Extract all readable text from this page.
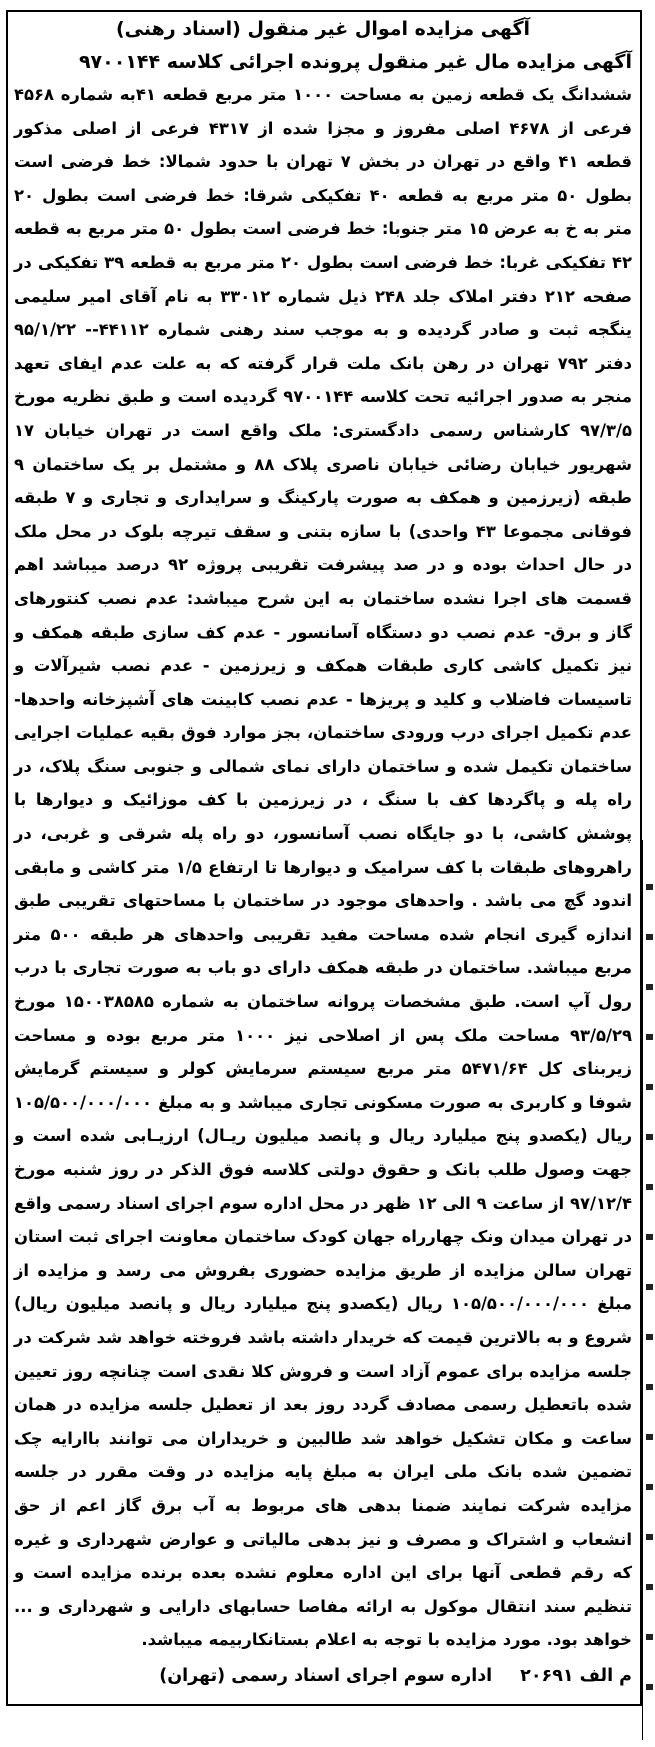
آگهی مزایده اموال غیر منقول (اسناد رهنی)

آگهی مزایده مال غیر منقول پرونده اجرائی کلاسه ۹۷۰۰۱۴۴

ششدانگ یک قطعه زمین به مساحت ۱۰۰۰ متر مربع قطعه ۴۱به شماره ۴۵۶۸ فرعی از ۴۶۷۸ اصلی مفروز و مجزا شده از ۴۳۱۷ فرعی از اصلی مذکور قطعه ۴۱ واقع در تهران در بخش ۷ تهران با حدود شمالا: خط فرضی است بطول ۵۰ متر مربع به قطعه ۴۰ تفکیکی شرقا: خط فرضی است بطول ۲۰ متر به خ به عرض ۱۵ متر جنوبا: خط فرضی است بطول ۵۰ متر مربع به قطعه ۴۲ تفکیکی غربا: خط فرضی است بطول ۲۰ متر مربع به قطعه ۳۹ تفکیکی در صفحه ۲۱۲ دفتر املاک جلد ۲۴۸ ذیل شماره ۳۳۰۱۲ به نام آقای امیر سلیمی ینگجه ثبت و صادر گردیده و به موجب سند رهنی شماره ۴۴۱۱۲-- ۹۵/۱/۲۲ دفتر ۷۹۲ تهران در رهن بانک ملت قرار گرفته که به علت عدم ایفای تعهد منجر به صدور اجرائیه تحت کلاسه ۹۷۰۰۱۴۴ گردیده است و طبق نظریه مورخ ۹۷/۳/۵ کارشناس رسمی دادگستری: ملک واقع است در تهران خیابان ۱۷ شهریور خیابان رضائی خیابان ناصری پلاک ۸۸ و مشتمل بر یک ساختمان ۹ طبقه (زیرزمین و همکف به صورت پارکینگ و سرایداری و تجاری و ۷ طبقه فوقانی مجموعا ۴۳ واحدی) با سازه بتنی و سقف تیرچه بلوک در محل ملک در حال احداث بوده و در صد پیشرفت تقریبی پروژه ۹۲ درصد میباشد اهم قسمت های اجرا نشده ساختمان به این شرح میباشد: عدم نصب کنتورهای گاز و برق- عدم نصب دو دستگاه آسانسور - عدم کف سازی طبقه همکف و نیز تکمیل کاشی کاری طبقات همکف و زیرزمین - عدم نصب شیرآلات و تاسیسات فاضلاب و کلید و پریزها - عدم نصب کابینت های آشپزخانه واحدها- عدم تکمیل اجرای درب ورودی ساختمان، بجز موارد فوق بقیه عملیات اجرایی ساختمان تکیمل شده و ساختمان دارای نمای شمالی و جنوبی سنگ پلاک، در راه پله و پاگردها کف با سنگ ، در زیرزمین با کف موزائیک و دیوارها با پوشش کاشی، با دو جایگاه نصب آسانسور، دو راه پله شرقی و غربی، در راهروهای طبقات با کف سرامیک و دیوارها تا ارتفاع ۱/۵ متر کاشی و مابقی اندود گچ می باشد . واحدهای موجود در ساختمان با مساحتهای تقریبی طبق اندازه گیری انجام شده مساحت مفید تقریبی واحدهای هر طبقه ۵۰۰ متر مربع میباشد. ساختمان در طبقه همکف دارای دو باب به صورت تجاری با درب رول آپ است. طبق مشخصات پروانه ساختمان به شماره ۱۵۰۰۳۸۵۸۵ مورخ ۹۳/۵/۲۹ مساحت ملک پس از اصلاحی نیز ۱۰۰۰ متر مربع بوده و مساحت زیربنای کل ۵۴۷۱/۶۴ متر مربع سیستم سرمایش کولر و سیستم گرمایش شوفا و کاربری به صورت مسکونی تجاری میباشد و به مبلغ ۱۰۵/۵۰۰/۰۰۰/۰۰۰ ریال (یکصدو پنج میلیارد ریال و پانصد میلیون ریـال) ارزیـابی شده است و جهت وصول طلب بانک و حقوق دولتی کلاسه فوق الذکر در روز شنبه مورخ ۹۷/۱۲/۴ از ساعت ۹ الی ۱۲ ظهر در محل اداره سوم اجرای اسناد رسمی واقع در تهران میدان ونک چهارراه جهان کودک ساختمان معاونت اجرای ثبت استان تهران سالن مزایده از طریق مزایده حضوری بفروش می رسد و مزایده از مبلغ ۱۰۵/۵۰۰/۰۰۰/۰۰۰ ریال (یکصدو پنج میلیارد ریال و پانصد میلیون ریال) شروع و به بالاترین قیمت که خریدار داشته باشد فروخته خواهد شد شرکت در جلسه مزایده برای عموم آزاد است و فروش کلا نقدی است چنانچه روز تعیین شده باتعطیل رسمی مصادف گردد روز بعد از تعطیل جلسه مزایده در همان ساعت و مکان تشکیل خواهد شد طالبین و خریداران می توانند باارایه چک تضمین شده بانک ملی ایران به مبلغ پایه مزایده در وقت مقرر در جلسه مزایده شرکت نمایند ضمنا بدهی های مربوط به آب برق گاز اعم از حق انشعاب و اشتراک و مصرف و نیز بدهی مالیاتی و عوارض شهرداری و غیره که رقم قطعی آنها برای این اداره معلوم نشده بعده برنده مزایده است و تنظیم سند انتقال موکول به ارائه مفاصا حسابهای دارایی و شهرداری و ... خواهد بود. مورد مزایده با توجه به اعلام بستانکاربیمه میباشد.

م الف ۲۰۶۹۱
اداره سوم اجرای اسناد رسمی (تهران)
